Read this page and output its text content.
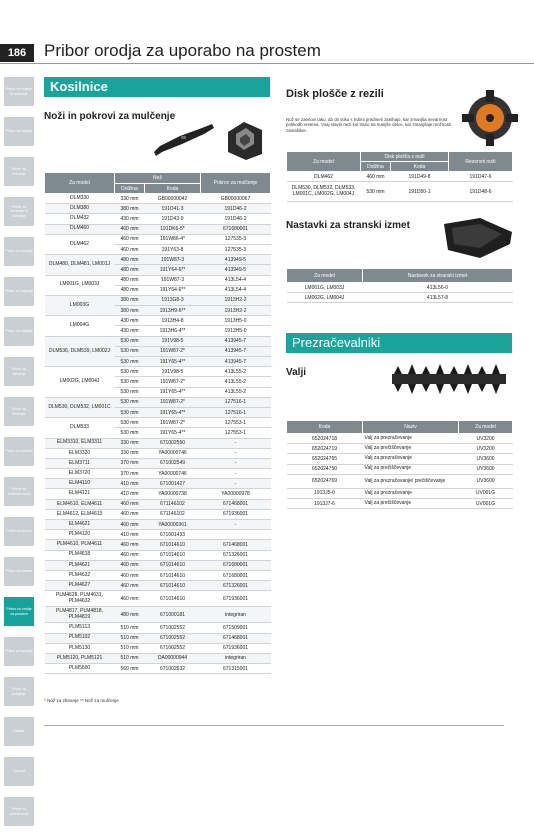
186	Pribor orodja za uporabo na prostem
Pribor za vrtanje in rezkanje
Pribor za vrtanje
Pribor za rezkanje
Pribor za brušenje in poliranje
Pribor za rezanje
Pribor za žaganje
Pribor za oblanje
Pribor za vijačenje
Pribor za čiščenje
Pribor za meritve
Pribor za obdelavo lesa
Pribor za kovino
Pribor za kamen
Pribor za orodje na prostem
Pribor za sesanje
Pribor za polnjenje
Ostalo
Varnost
Pribor za vzdrževanje
Kosilnice
Noži in pokrovi za mulčenje
Za model	Nož		Pokrov za mulčenje
	Dolžina	Koda	
DLM330	330 mm	GB00000042	GB00000067
DLM380	380 mm	191D41-3	191D46-2
DLM432	430 mm	191D43-9	191D46-2
DLM460	460 mm	191DK6-5*	671680001
DLM462	460 mm	191W86-4*	127535-3
	460 mm	191Y63-8	127535-3
DLM480, DLM481, LM001J	480 mm	191W87-3	413949-5
	480 mm	191Y64-6**	413949-5
LM001G, LM003J	480 mm	191W87-3	413L54-4
	480 mm	191Y64-6**	413L54-4
LM003G	380 mm	1913G8-3	1913H2-2
	380 mm	1913H9-6**	1913H2-2
LM004G	430 mm	1913H4-8	1913H5-0
	430 mm	1913H6-4**	1913H5-0
DLM536, DLM539, LM002J	530 mm	191V98-5	413945-7
	530 mm	191W87-2*	413945-7
	530 mm	191Y65-4**	413945-7
LM002G, LM004J	530 mm	191V98-5	413L55-2
	530 mm	191W87-2*	413L55-2
	530 mm	191Y65-4**	413L55-2
DLM530, DLM532, LM001C	530 mm	191W87-2*	127516-1
	530 mm	191Y65-4**	127516-1
DLM533	530 mm	191W87-2*	127553-1
	530 mm	191Y65-4**	127553-1
ELM3310, ELM3311	330 mm	671002550	-
ELM3320	330 mm	YA00000746	-
ELM3711	370 mm	671002549	-
ELM3720	370 mm	YA00000746	-
ELM4110	410 mm	671001427	-
ELM4121	410 mm	YA00000738	YA00000978
ELM4610, ELM4611	460 mm	671146102	671468001
ELM4612, ELM4613	460 mm	671146102	671936001
ELM4621	460 mm	YA00000361	-
PLM4120	410 mm	671001433	
PLM4610, PLM4611	460 mm	671014610	671468001
PLM4618	460 mm	671014610	671326001
PLM4621	460 mm	671014610	671680001
PLM4622	460 mm	671014610	671680001
PLM4627	460 mm	671014610	671326001
PLM4628, PLM4631, PLM4632	460 mm	671014610	671936001
PLM4817, PLM4818, PLM4819	480 mm	671000181	integriran
PLM5113	510 mm	671002552	671509001
PLM5102	510 mm	671002552	671468001
PLM5130	510 mm	671002552	671936001
PLM5120, PLM5121	510 mm	DA00000944	integriran
PLM5600	560 mm	671002532	671315001
* Nož za zbiranje ** Nož za mulčenje
Disk plošče z rezili
Nož se zaenovi tako, da ob stiku s trdimi predmeti zanihajo, kar zmanjša nevarnost poškodb vretena. Vsaj stavlo nezi koi trano na manjše delce, kar zmanjšaje možnosti zamašitve.
Za model	Disk plošča z noži		Rezervni noži
	Dolžina	Koda	
DLM462	460 mm	191D49-8	191D47-6
DLM530, DLM532, DLM533, LM001C, LM002G, LM004J	530 mm	191D50-1	191D48-6
Nastavki za stranski izmet
Za model	Nastavek za stranski izmet
LM001G, LM003J	413L56-0
LM002G, LM004J	413L57-8
Prezračevalniki
Valji
Koda	Naziv	Za model
652024718	Valj za prezračevanje	UV3200
652024719	Valj za prečiščevanje	UV3200
652024765	Valj za prezračevanje	UV3600
652024750	Valj za prečiščevanje	UV3600
652024769	Valj za prezračevanje/ prečiščevanje	UV3600
1913J5-0	Valj za prezračevanje	UV001G
1913J7-6	Valj za prečiščevanje	UV001G
